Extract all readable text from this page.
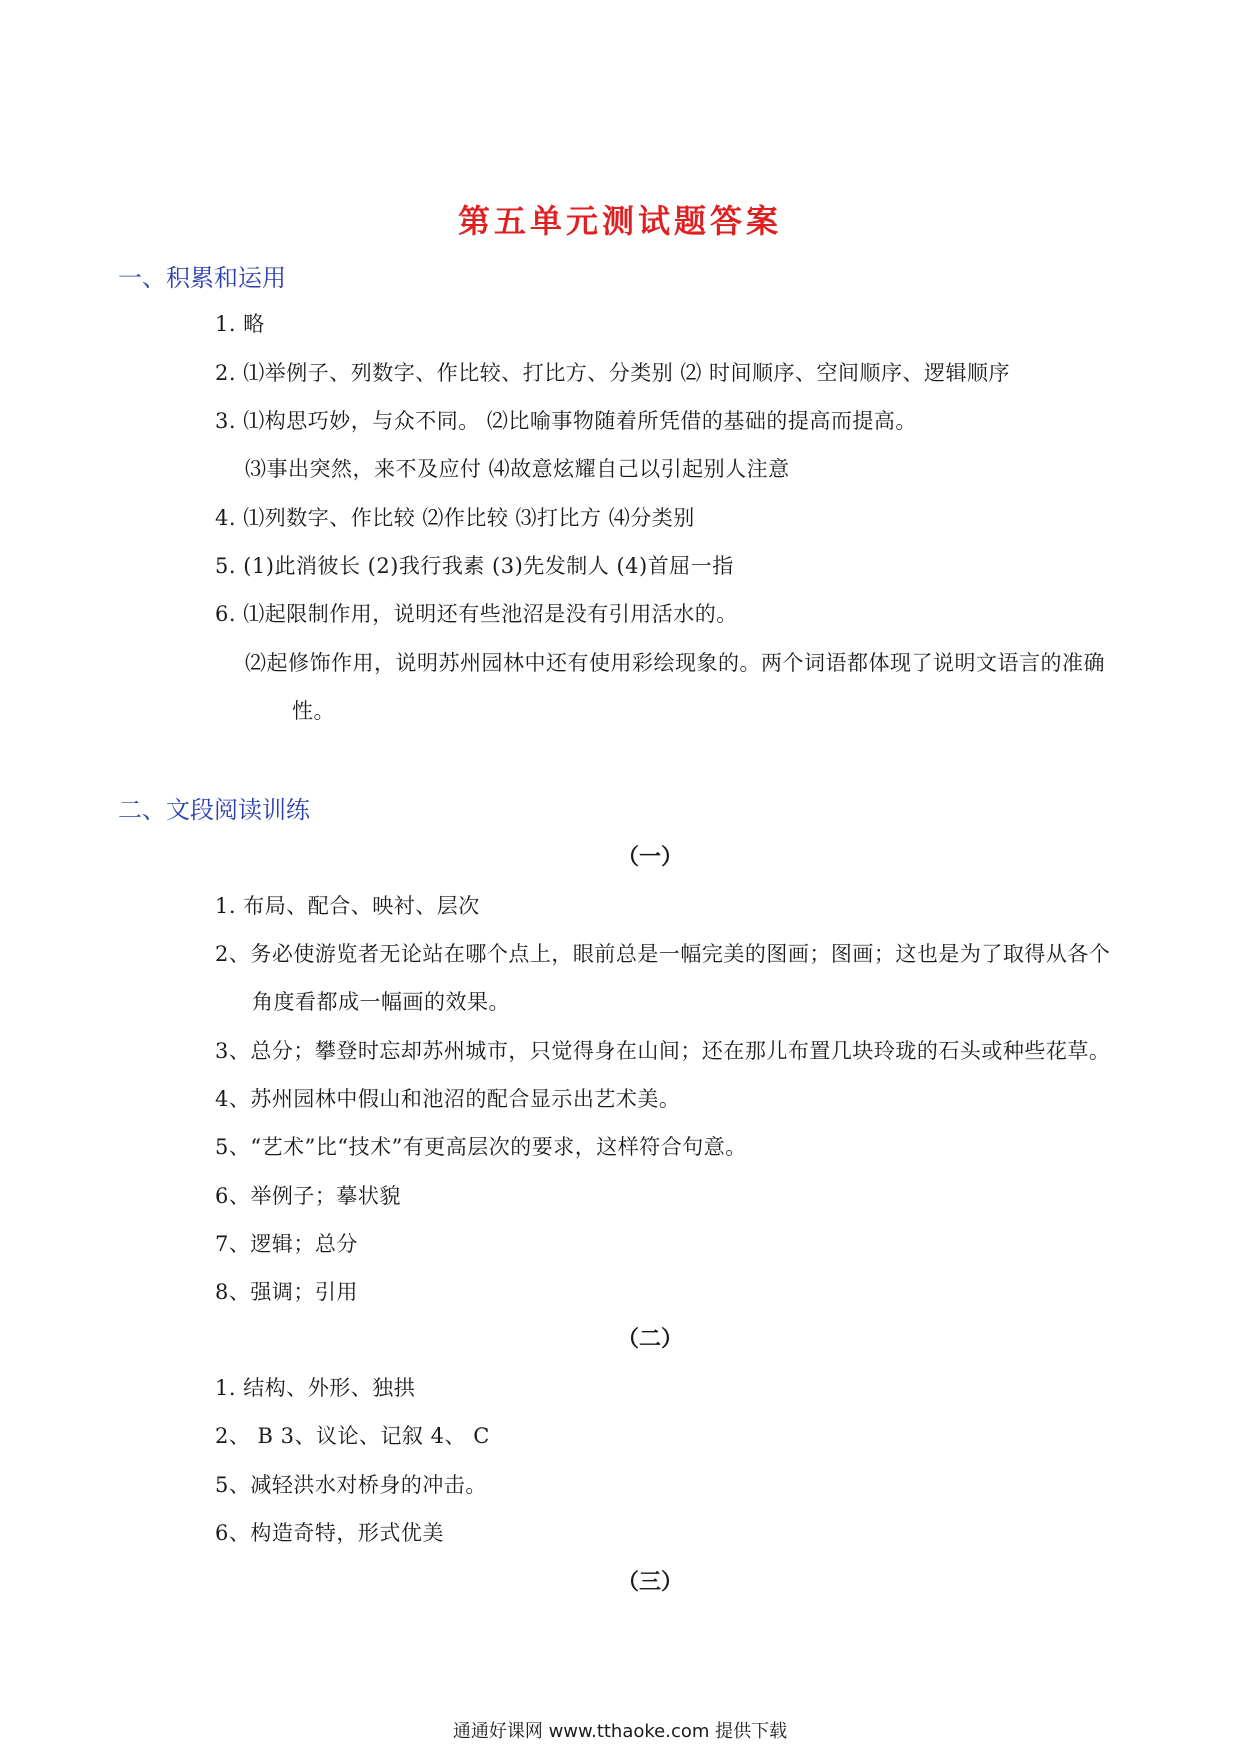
第五单元测试题答案
一、积累和运用
1. 略
2. ⑴举例子、列数字、作比较、打比方、分类别 ⑵ 时间顺序、空间顺序、逻辑顺序
3. ⑴构思巧妙，与众不同。 ⑵比喻事物随着所凭借的基础的提高而提高。
⑶事出突然，来不及应付 ⑷故意炫耀自己以引起别人注意
4. ⑴列数字、作比较 ⑵作比较 ⑶打比方 ⑷分类别
5. (1)此消彼长 (2)我行我素 (3)先发制人 (4)首屈一指
6. ⑴起限制作用，说明还有些池沼是没有引用活水的。
⑵起修饰作用，说明苏州园林中还有使用彩绘现象的。两个词语都体现了说明文语言的准确
性。
二、文段阅读训练
（一）
1. 布局、配合、映衬、层次
2、务必使游览者无论站在哪个点上，眼前总是一幅完美的图画；图画；这也是为了取得从各个
角度看都成一幅画的效果。
3、总分；攀登时忘却苏州城市，只觉得身在山间；还在那儿布置几块玲珑的石头或种些花草。
4、苏州园林中假山和池沼的配合显示出艺术美。
5、“艺术”比“技术”有更高层次的要求，这样符合句意。
6、举例子；摹状貌
7、逻辑；总分
8、强调；引用
（二）
1. 结构、外形、独拱
2、 B 3、议论、记叙 4、 C
5、减轻洪水对桥身的冲击。
6、构造奇特，形式优美
（三）
通通好课网 www.tthaoke.com 提供下载
